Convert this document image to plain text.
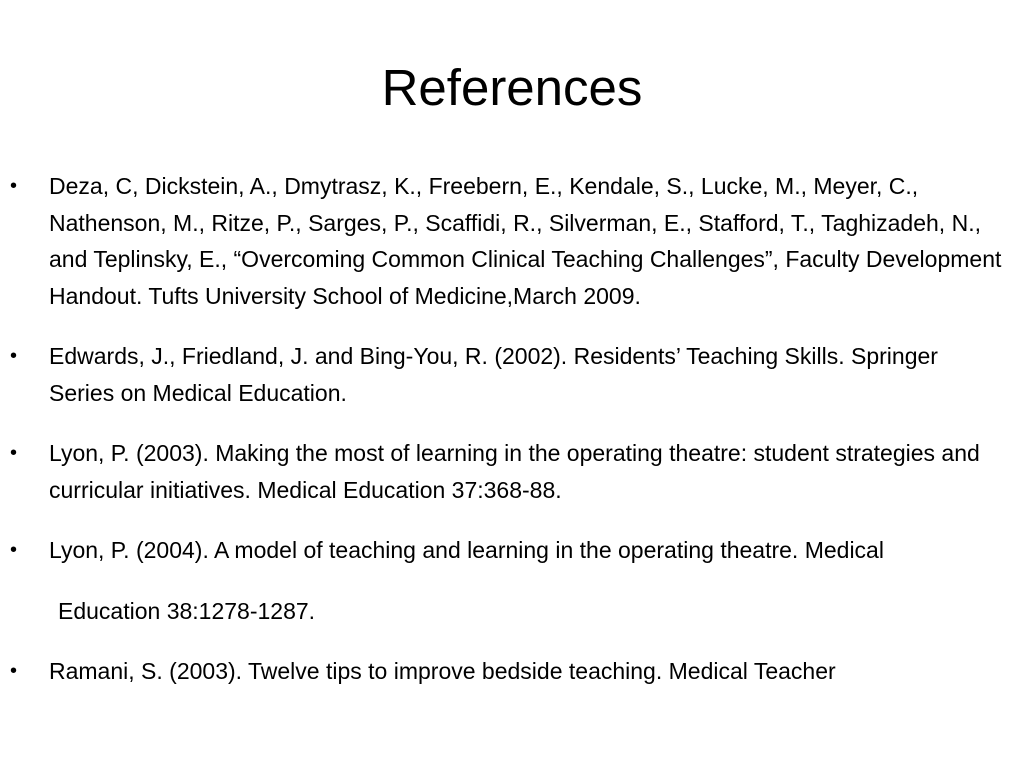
References
• Deza, C, Dickstein, A., Dmytrasz, K., Freebern, E., Kendale, S., Lucke, M., Meyer, C., Nathenson, M., Ritze, P., Sarges, P., Scaffidi, R., Silverman, E., Stafford, T., Taghizadeh, N., and Teplinsky, E., “Overcoming Common Clinical Teaching Challenges”, Faculty Development Handout. Tufts University School of Medicine,March 2009.
• Edwards, J., Friedland, J. and Bing-You, R. (2002). Residents’ Teaching Skills. Springer Series on Medical Education.
• Lyon, P. (2003). Making the most of learning in the operating theatre: student strategies and curricular initiatives. Medical Education 37:368-88.
• Lyon, P. (2004). A model of teaching and learning in the operating theatre. Medical
Education 38:1278-1287.
• Ramani, S. (2003). Twelve tips to improve bedside teaching. Medical Teacher
